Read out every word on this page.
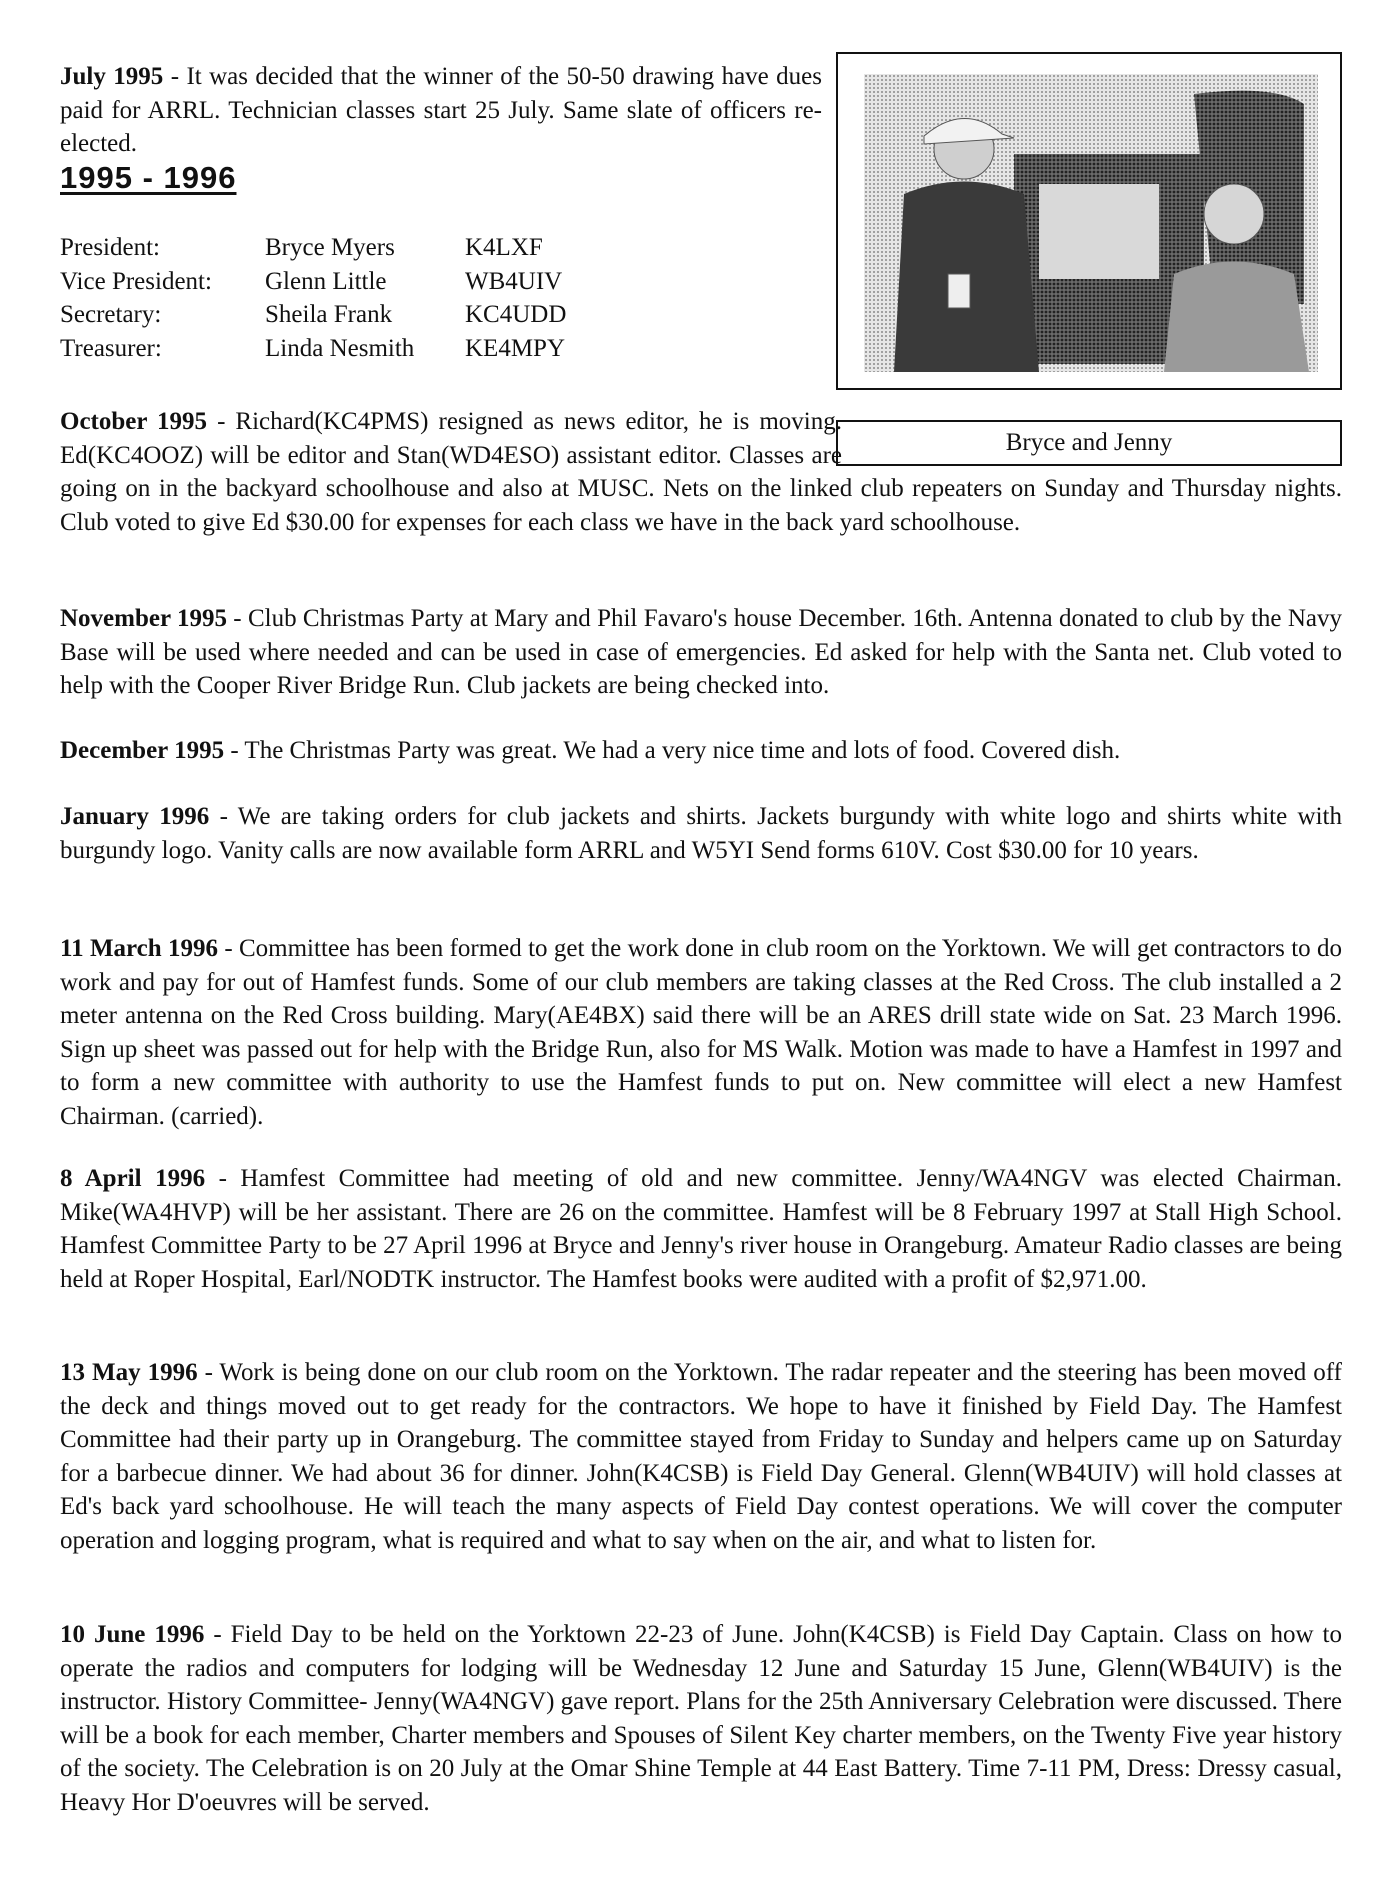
July 1995 - It was decided that the winner of the 50-50 drawing have dues paid for ARRL. Technician classes start 25 July. Same slate of officers re-elected.

1995 - 1996
President:	Bryce Myers	K4LXF
Vice President:	Glenn Little	WB4UIV
Secretary:	Sheila Frank	KC4UDD
Treasurer:	Linda Nesmith	KE4MPY
Bryce and Jenny
October 1995 - Richard(KC4PMS) resigned as news editor, he is moving. Ed(KC4OOZ) will be editor and Stan(WD4ESO) assistant editor. Classes are going on in the backyard schoolhouse and also at MUSC. Nets on the linked club repeaters on Sunday and Thursday nights. Club voted to give Ed $30.00 for expenses for each class we have in the back yard schoolhouse.

November 1995 - Club Christmas Party at Mary and Phil Favaro's house December. 16th. Antenna donated to club by the Navy Base will be used where needed and can be used in case of emergencies. Ed asked for help with the Santa net. Club voted to help with the Cooper River Bridge Run. Club jackets are being checked into.

December 1995 - The Christmas Party was great. We had a very nice time and lots of food. Covered dish.

January 1996 - We are taking orders for club jackets and shirts. Jackets burgundy with white logo and shirts white with burgundy logo. Vanity calls are now available form ARRL and W5YI Send forms 610V. Cost $30.00 for 10 years.

11 March 1996 - Committee has been formed to get the work done in club room on the Yorktown. We will get contractors to do work and pay for out of Hamfest funds. Some of our club members are taking classes at the Red Cross. The club installed a 2 meter antenna on the Red Cross building. Mary(AE4BX) said there will be an ARES drill state wide on Sat. 23 March 1996. Sign up sheet was passed out for help with the Bridge Run, also for MS Walk. Motion was made to have a Hamfest in 1997 and to form a new committee with authority to use the Hamfest funds to put on. New committee will elect a new Hamfest Chairman. (carried).

8 April 1996 - Hamfest Committee had meeting of old and new committee. Jenny/WA4NGV was elected Chairman. Mike(WA4HVP) will be her assistant. There are 26 on the committee. Hamfest will be 8 February 1997 at Stall High School. Hamfest Committee Party to be 27 April 1996 at Bryce and Jenny's river house in Orangeburg. Amateur Radio classes are being held at Roper Hospital, Earl/NODTK instructor. The Hamfest books were audited with a profit of $2,971.00.

13 May 1996 - Work is being done on our club room on the Yorktown. The radar repeater and the steering has been moved off the deck and things moved out to get ready for the contractors. We hope to have it finished by Field Day. The Hamfest Committee had their party up in Orangeburg. The committee stayed from Friday to Sunday and helpers came up on Saturday for a barbecue dinner. We had about 36 for dinner. John(K4CSB) is Field Day General. Glenn(WB4UIV) will hold classes at Ed's back yard schoolhouse. He will teach the many aspects of Field Day contest operations. We will cover the computer operation and logging program, what is required and what to say when on the air, and what to listen for.

10 June 1996 - Field Day to be held on the Yorktown 22-23 of June. John(K4CSB) is Field Day Captain. Class on how to operate the radios and computers for lodging will be Wednesday 12 June and Saturday 15 June, Glenn(WB4UIV) is the instructor. History Committee- Jenny(WA4NGV) gave report. Plans for the 25th Anniversary Celebration were discussed. There will be a book for each member, Charter members and Spouses of Silent Key charter members, on the Twenty Five year history of the society. The Celebration is on 20 July at the Omar Shine Temple at 44 East Battery. Time 7-11 PM, Dress: Dressy casual, Heavy Hor D'oeuvres will be served.
